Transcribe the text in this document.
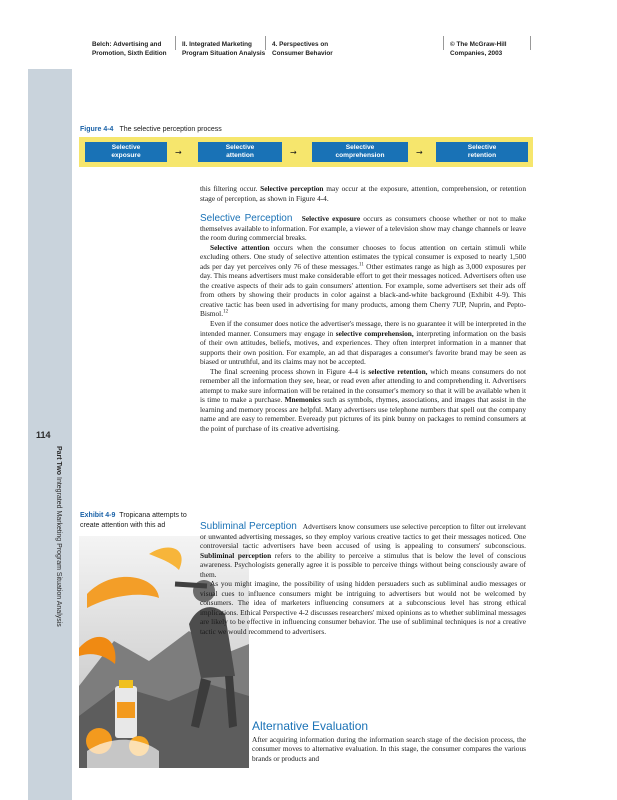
Belch: Advertising and
Promotion, Sixth Edition
II. Integrated Marketing
Program Situation Analysis
4. Perspectives on
Consumer Behavior
© The McGraw-Hill
Companies, 2003
114
Part Two Integrated Marketing Program Situation Analysis
Figure 4-4 The selective perception process
Selective
exposure	→
Selective
attention	→
Selective
comprehension	→
Selective
retention

this filtering occur. Selective perception may occur at the exposure, attention, comprehension, or retention stage of perception, as shown in Figure 4-4.

Selective Perception Selective exposure occurs as consumers choose whether or not to make themselves available to information. For example, a viewer of a television show may change channels or leave the room during commercial breaks.

Selective attention occurs when the consumer chooses to focus attention on certain stimuli while excluding others. One study of selective attention estimates the typical consumer is exposed to nearly 1,500 ads per day yet perceives only 76 of these messages.$^{11}$ Other estimates range as high as 3,000 exposures per day. This means advertisers must make considerable effort to get their messages noticed. Advertisers often use the creative aspects of their ads to gain consumers' attention. For example, some advertisers set their ads off from others by showing their products in color against a black-and-white background (Exhibit 4-9). This creative tactic has been used in advertising for many products, among them Cherry 7UP, Nuprin, and Pepto-Bismol.$^{12}$

Even if the consumer does notice the advertiser's message, there is no guarantee it will be interpreted in the intended manner. Consumers may engage in selective comprehension, interpreting information on the basis of their own attitudes, beliefs, motives, and experiences. They often interpret information in a manner that supports their own position. For example, an ad that disparages a consumer's favorite brand may be seen as biased or untruthful, and its claims may not be accepted.

The final screening process shown in Figure 4-4 is selective retention, which means consumers do not remember all the information they see, hear, or read even after attending to and comprehending it. Advertisers attempt to make sure information will be retained in the consumer's memory so that it will be available when it is time to make a purchase. Mnemonics such as symbols, rhymes, associations, and images that assist in the learning and memory process are helpful. Many advertisers use telephone numbers that spell out the company name and are easy to remember. Eveready put pictures of its pink bunny on packages to remind consumers at the point of purchase of its creative advertising.

Exhibit 4-9 Tropicana attempts to create attention with this ad	Subliminal Perception Advertisers know consumers use selective perception to filter out irrelevant or unwanted advertising messages, so they employ various creative tactics to get their messages noticed. One controversial tactic advertisers have been accused of using is appealing to consumers' subconscious. Subliminal perception refers to the ability to perceive a stimulus that is below the level of conscious awareness. Psychologists generally agree it is possible to perceive things without being consciously aware of them.

As you might imagine, the possibility of using hidden persuaders such as subliminal audio messages or visual cues to influence consumers might be intriguing to advertisers but would not be welcomed by consumers. The idea of marketers influencing consumers at a subconscious level has strong ethical implications. Ethical Perspective 4-2 discusses researchers' mixed opinions as to whether subliminal messages are likely to be effective in influencing consumer behavior. The use of subliminal techniques is not a creative tactic we would recommend to advertisers.

Alternative Evaluation

After acquiring information during the information search stage of the decision process, the consumer moves to alternative evaluation. In this stage, the consumer compares the various brands or products and
